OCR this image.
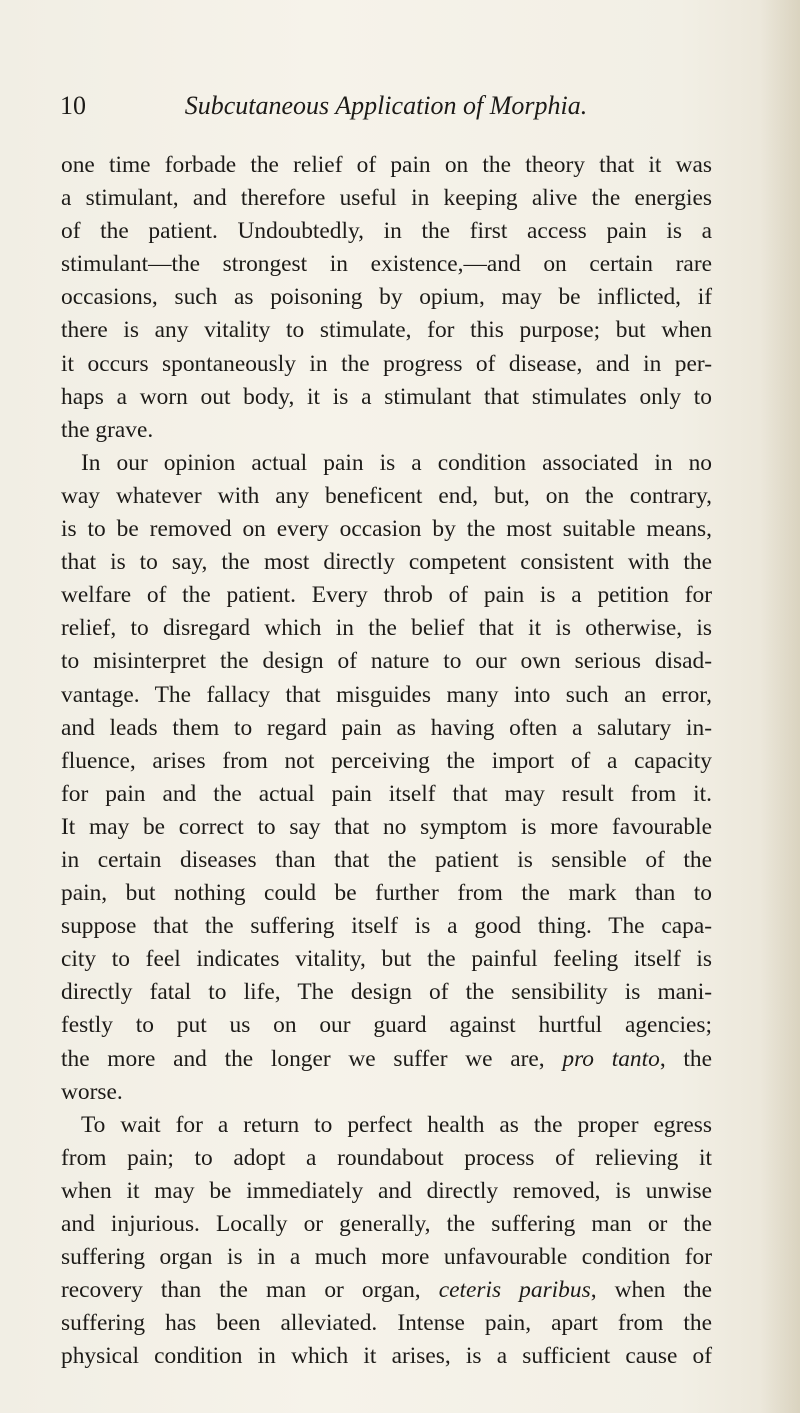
10	Subcutaneous Application of Morphia.
one time forbade the relief of pain on the theory that it was
a stimulant, and therefore useful in keeping alive the energies
of the patient. Undoubtedly, in the first access pain is a
stimulant—the strongest in existence,—and on certain rare
occasions, such as poisoning by opium, may be inflicted, if
there is any vitality to stimulate, for this purpose; but when
it occurs spontaneously in the progress of disease, and in per-
haps a worn out body, it is a stimulant that stimulates only to
the grave.
In our opinion actual pain is a condition associated in no
way whatever with any beneficent end, but, on the contrary,
is to be removed on every occasion by the most suitable means,
that is to say, the most directly competent consistent with the
welfare of the patient. Every throb of pain is a petition for
relief, to disregard which in the belief that it is otherwise, is
to misinterpret the design of nature to our own serious disad-
vantage. The fallacy that misguides many into such an error,
and leads them to regard pain as having often a salutary in-
fluence, arises from not perceiving the import of a capacity
for pain and the actual pain itself that may result from it.
It may be correct to say that no symptom is more favourable
in certain diseases than that the patient is sensible of the
pain, but nothing could be further from the mark than to
suppose that the suffering itself is a good thing. The capa-
city to feel indicates vitality, but the painful feeling itself is
directly fatal to life, The design of the sensibility is mani-
festly to put us on our guard against hurtful agencies;
the more and the longer we suffer we are, pro tanto, the
worse.
To wait for a return to perfect health as the proper egress
from pain; to adopt a roundabout process of relieving it
when it may be immediately and directly removed, is unwise
and injurious. Locally or generally, the suffering man or the
suffering organ is in a much more unfavourable condition for
recovery than the man or organ, ceteris paribus, when the
suffering has been alleviated. Intense pain, apart from the
physical condition in which it arises, is a sufficient cause of
